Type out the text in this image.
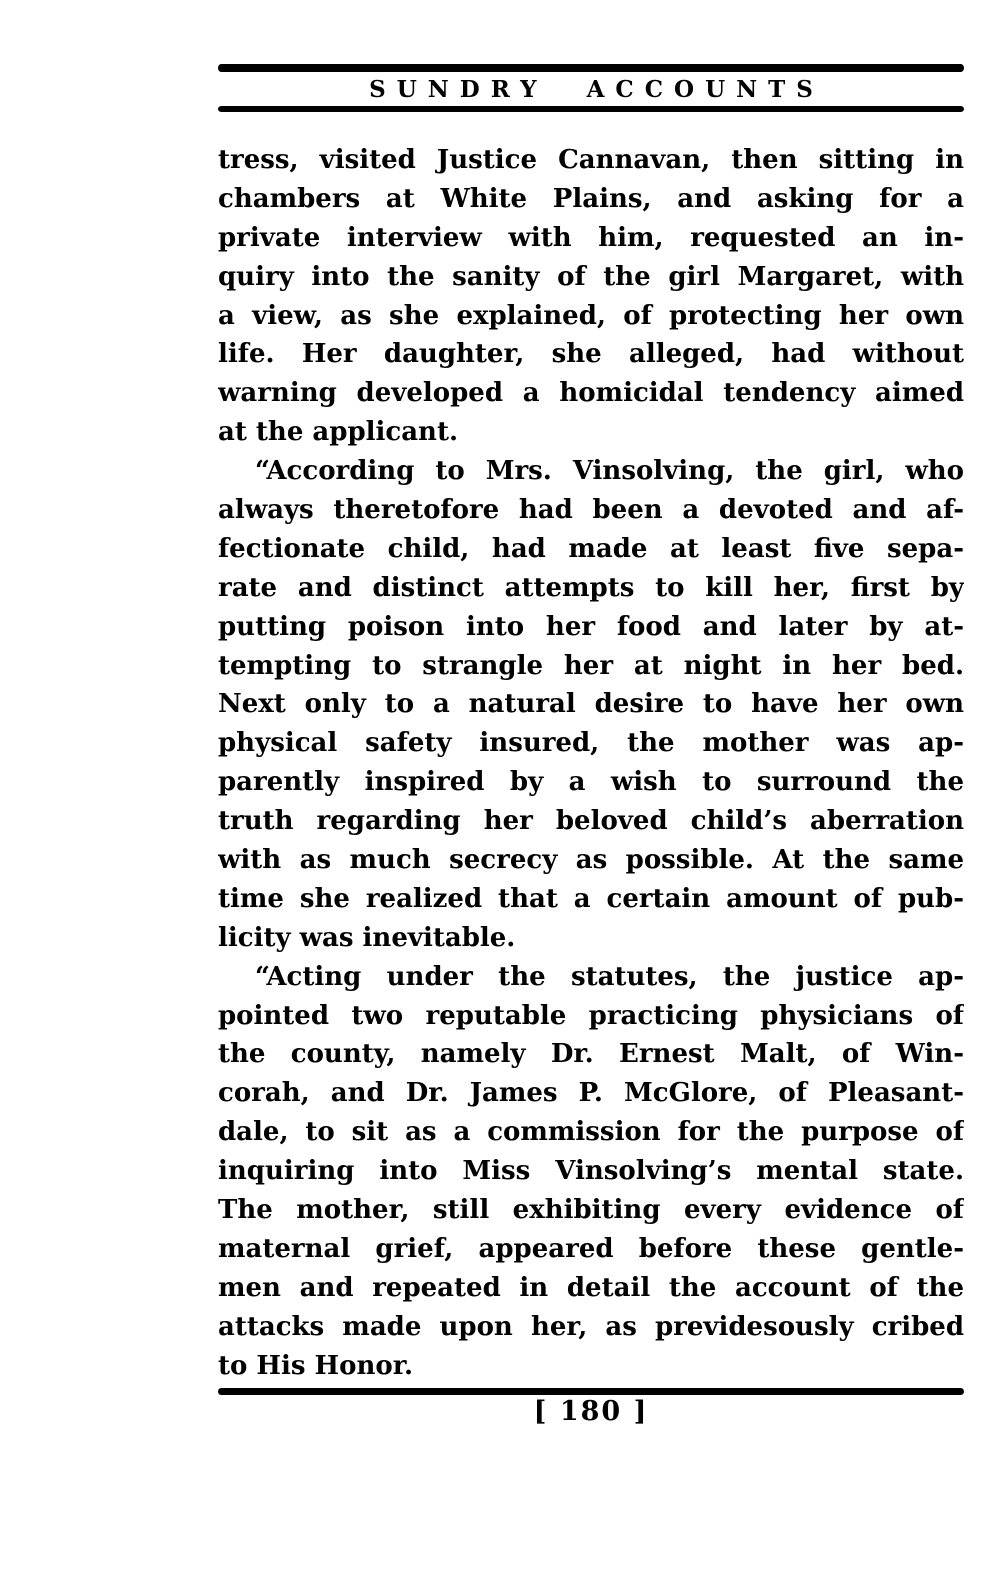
SUNDRY ACCOUNTS
tress, visited Justice Cannavan, then sitting in
chambers at White Plains, and asking for a
private interview with him, requested an in-
quiry into the sanity of the girl Margaret, with
a view, as she explained, of protecting her own
life. Her daughter, she alleged, had without
warning developed a homicidal tendency aimed
at the applicant.
“According to Mrs. Vinsolving, the girl, who
always theretofore had been a devoted and af-
fectionate child, had made at least five sepa-
rate and distinct attempts to kill her, first by
putting poison into her food and later by at-
tempting to strangle her at night in her bed.
Next only to a natural desire to have her own
physical safety insured, the mother was ap-
parently inspired by a wish to surround the
truth regarding her beloved child’s aberration
with as much secrecy as possible. At the same
time she realized that a certain amount of pub-
licity was inevitable.
“Acting under the statutes, the justice ap-
pointed two reputable practicing physicians of
the county, namely Dr. Ernest Malt, of Win-
corah, and Dr. James P. McGlore, of Pleasant-
dale, to sit as a commission for the purpose of
inquiring into Miss Vinsolving’s mental state.
The mother, still exhibiting every evidence of
maternal grief, appeared before these gentle-
men and repeated in detail the account of the
attacks made upon her, as previdesously cribed
to His Honor.
[ 180 ]
